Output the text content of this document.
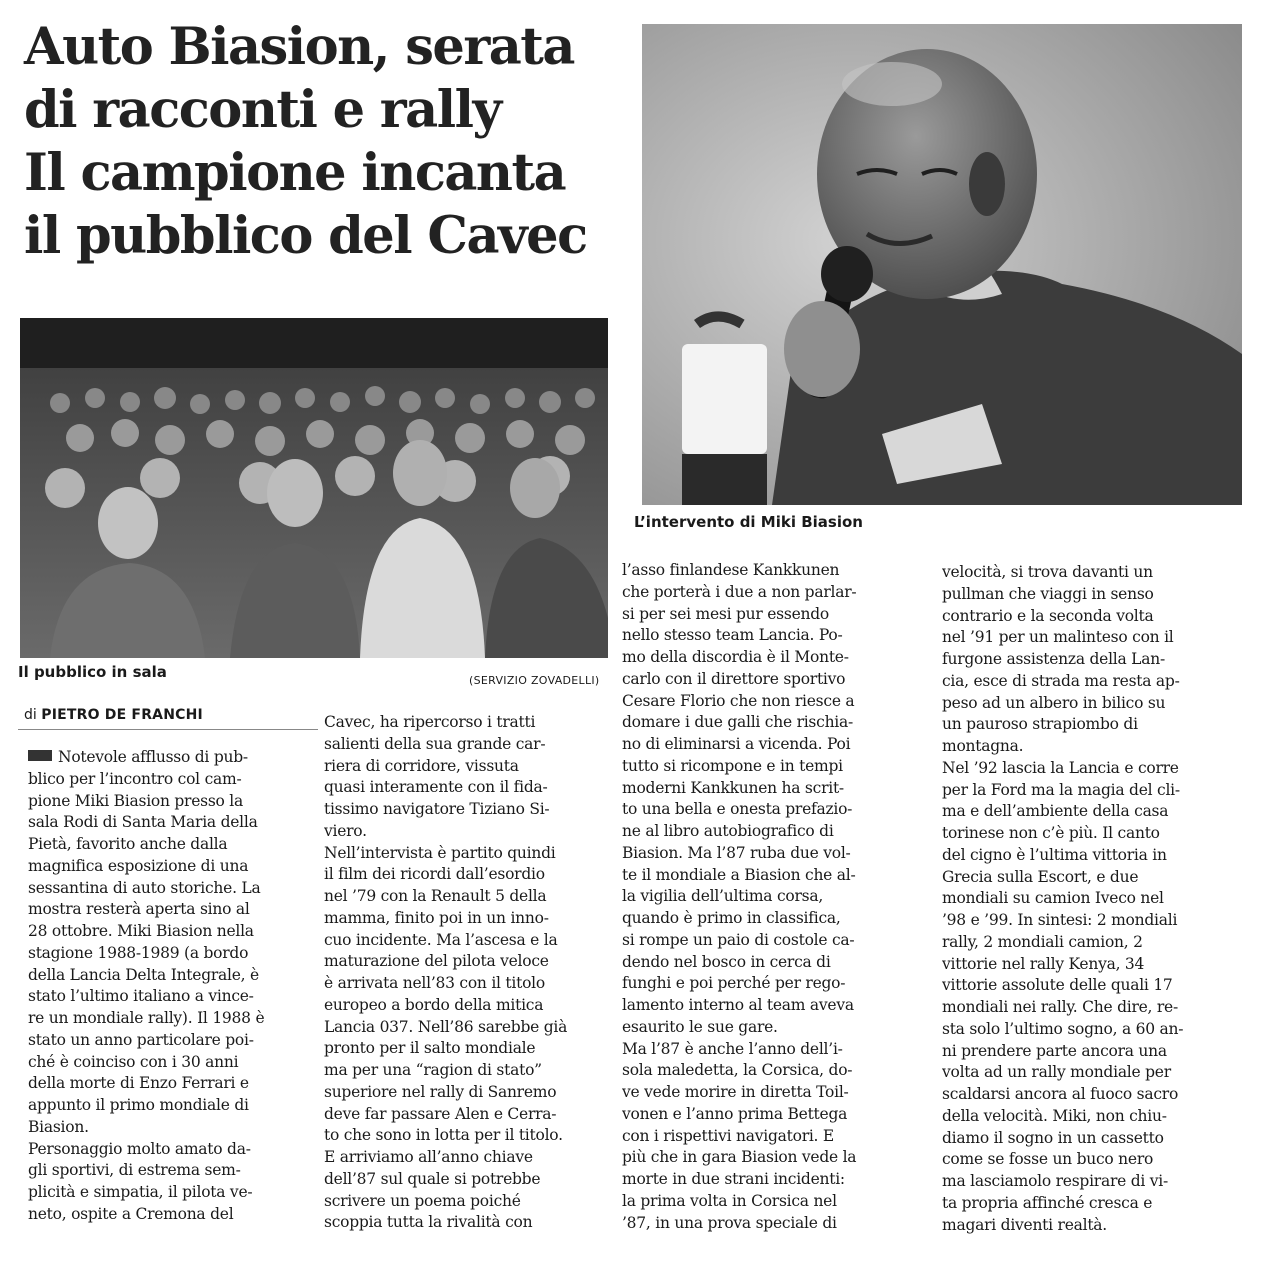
Auto Biasion, serata
di racconti e rally
Il campione incanta
il pubblico del Cavec
L’intervento di Miki Biasion
Il pubblico in sala	(SERVIZIO ZOVADELLI)
di PIETRO DE FRANCHI
Notevole afflusso di pub-
blico per l’incontro col cam-
pione Miki Biasion presso la
sala Rodi di Santa Maria della
Pietà, favorito anche dalla
magnifica esposizione di una
sessantina di auto storiche. La
mostra resterà aperta sino al
28 ottobre. Miki Biasion nella
stagione 1988-1989 (a bordo
della Lancia Delta Integrale, è
stato l’ultimo italiano a vince-
re un mondiale rally). Il 1988 è
stato un anno particolare poi-
ché è coinciso con i 30 anni
della morte di Enzo Ferrari e
appunto il primo mondiale di
Biasion.
Personaggio molto amato da-
gli sportivi, di estrema sem-
plicità e simpatia, il pilota ve-
neto, ospite a Cremona del
Cavec, ha ripercorso i tratti
salienti della sua grande car-
riera di corridore, vissuta
quasi interamente con il fida-
tissimo navigatore Tiziano Si-
viero.
Nell’intervista è partito quindi
il film dei ricordi dall’esordio
nel ’79 con la Renault 5 della
mamma, finito poi in un inno-
cuo incidente. Ma l’ascesa e la
maturazione del pilota veloce
è arrivata nell’83 con il titolo
europeo a bordo della mitica
Lancia 037. Nell’86 sarebbe già
pronto per il salto mondiale
ma per una “ragion di stato”
superiore nel rally di Sanremo
deve far passare Alen e Cerra-
to che sono in lotta per il titolo.
E arriviamo all’anno chiave
dell’87 sul quale si potrebbe
scrivere un poema poiché
scoppia tutta la rivalità con
l’asso finlandese Kankkunen
che porterà i due a non parlar-
si per sei mesi pur essendo
nello stesso team Lancia. Po-
mo della discordia è il Monte-
carlo con il direttore sportivo
Cesare Florio che non riesce a
domare i due galli che rischia-
no di eliminarsi a vicenda. Poi
tutto si ricompone e in tempi
moderni Kankkunen ha scrit-
to una bella e onesta prefazio-
ne al libro autobiografico di
Biasion. Ma l’87 ruba due vol-
te il mondiale a Biasion che al-
la vigilia dell’ultima corsa,
quando è primo in classifica,
si rompe un paio di costole ca-
dendo nel bosco in cerca di
funghi e poi perché per rego-
lamento interno al team aveva
esaurito le sue gare.
Ma l’87 è anche l’anno dell’i-
sola maledetta, la Corsica, do-
ve vede morire in diretta Toil-
vonen e l’anno prima Bettega
con i rispettivi navigatori. E
più che in gara Biasion vede la
morte in due strani incidenti:
la prima volta in Corsica nel
’87, in una prova speciale di
velocità, si trova davanti un
pullman che viaggi in senso
contrario e la seconda volta
nel ’91 per un malinteso con il
furgone assistenza della Lan-
cia, esce di strada ma resta ap-
peso ad un albero in bilico su
un pauroso strapiombo di
montagna.
Nel ’92 lascia la Lancia e corre
per la Ford ma la magia del cli-
ma e dell’ambiente della casa
torinese non c’è più. Il canto
del cigno è l’ultima vittoria in
Grecia sulla Escort, e due
mondiali su camion Iveco nel
’98 e ’99. In sintesi: 2 mondiali
rally, 2 mondiali camion, 2
vittorie nel rally Kenya, 34
vittorie assolute delle quali 17
mondiali nei rally. Che dire, re-
sta solo l’ultimo sogno, a 60 an-
ni prendere parte ancora una
volta ad un rally mondiale per
scaldarsi ancora al fuoco sacro
della velocità. Miki, non chiu-
diamo il sogno in un cassetto
come se fosse un buco nero
ma lasciamolo respirare di vi-
ta propria affinché cresca e
magari diventi realtà.
